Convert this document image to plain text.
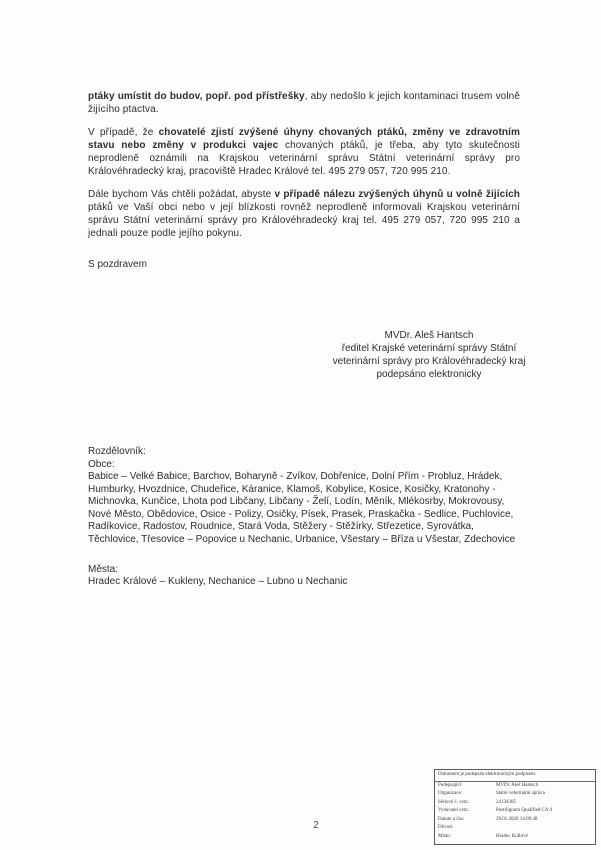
ptáky umístit do budov, popř. pod přístřešky, aby nedošlo k jejich kontaminaci trusem volně žijícího ptactva.

V případě, že chovatelé zjistí zvýšené úhyny chovaných ptáků, změny ve zdravotním stavu nebo změny v produkci vajec chovaných ptáků, je třeba, aby tyto skutečnosti neprodleně oznámili na Krajskou veterinární správu Státní veterinární správy pro Královéhradecký kraj, pracoviště Hradec Králové tel. 495 279 057, 720 995 210.

Dále bychom Vás chtěli požádat, abyste v případě nálezu zvýšených úhynů u volně žijících ptáků ve Vaší obci nebo v její blízkosti rovněž neprodleně informovali Krajskou veterinární správu Státní veterinární správy pro Královéhradecký kraj tel. 495 279 057, 720 995 210 a jednali pouze podle jejího pokynu.

S pozdravem
MVDr. Aleš Hantsch
ředitel Krajské veterinární správy Státní
veterinární správy pro Královéhradecký kraj
podepsáno elektronicky
Rozdělovník:
Obce:
Babice – Velké Babice, Barchov, Boharyně - Zvíkov, Dobřenice, Dolní Přím - Probluz, Hrádek, Humburky, Hvozdnice, Chudeřice, Káranice, Klamoš, Kobylice, Kosice, Kosičky, Kratonohy - Michnovka, Kunčice, Lhota pod Libčany, Libčany - Želí, Lodín, Měník, Mlékosrby, Mokrovousy, Nové Město, Obědovice, Osice - Polizy, Osičky, Písek, Prasek, Praskačka - Sedlice, Puchlovice, Radíkovice, Radostov, Roudnice, Stará Voda, Stěžery - Stěžírky, Střezetice, Syrovátka, Těchlovice, Třesovice – Popovice u Nechanic, Urbanice, Všestary – Bříza u Všestar, Zdechovice
Města:
Hradec Králové – Kukleny, Nechanice – Lubno u Nechanic
2
Dokument je podepsán elektronickým podpisem.
Podepsající:	MVDr. Aleš Hantsch
Organizace:	Státní veterinární správa
Sériové č. cert.:	24134305
Vydavatel cert.:	PostSignum Qualified CA 4
Datum a čas:	29.01.2026 14:09:48
Důvod:
Místo:	Hradec Králové
